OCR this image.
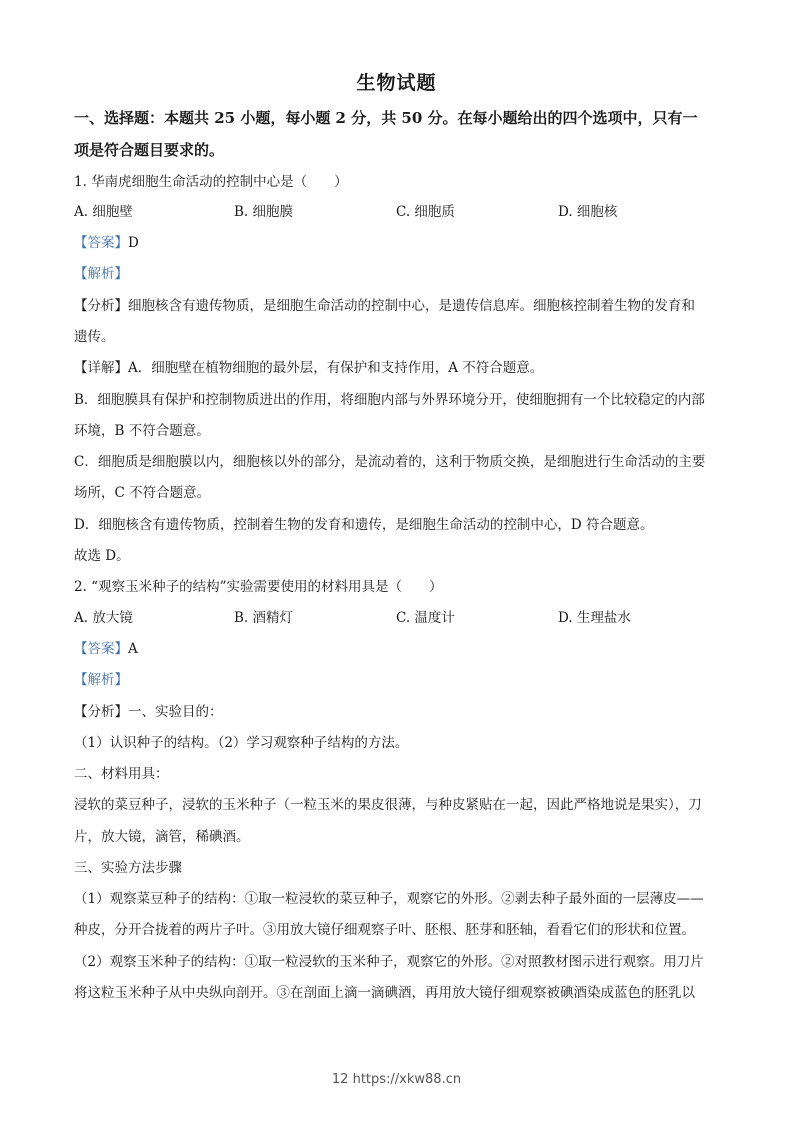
生物试题
一、选择题：本题共 25 小题，每小题 2 分，共 50 分。在每小题给出的四个选项中，只有一
项是符合题目要求的。
1. 华南虎细胞生命活动的控制中心是（　　）
A. 细胞壁	B. 细胞膜	C. 细胞质	D. 细胞核
【答案】D
【解析】
【分析】细胞核含有遗传物质，是细胞生命活动的控制中心，是遗传信息库。细胞核控制着生物的发育和
遗传。
【详解】A．细胞壁在植物细胞的最外层，有保护和支持作用，A 不符合题意。
B．细胞膜具有保护和控制物质进出的作用，将细胞内部与外界环境分开，使细胞拥有一个比较稳定的内部
环境，B 不符合题意。
C．细胞质是细胞膜以内，细胞核以外的部分，是流动着的，这利于物质交换，是细胞进行生命活动的主要
场所，C 不符合题意。
D．细胞核含有遗传物质，控制着生物的发育和遗传，是细胞生命活动的控制中心，D 符合题意。
故选 D。
2. “观察玉米种子的结构”实验需要使用的材料用具是（　　）
A. 放大镜	B. 酒精灯	C. 温度计	D. 生理盐水
【答案】A
【解析】
【分析】一、实验目的：
（1）认识种子的结构。（2）学习观察种子结构的方法。
二、材料用具：
浸软的菜豆种子，浸软的玉米种子（一粒玉米的果皮很薄，与种皮紧贴在一起，因此严格地说是果实），刀
片，放大镜，滴管，稀碘酒。
三、实验方法步骤
（1）观察菜豆种子的结构：①取一粒浸软的菜豆种子，观察它的外形。②剥去种子最外面的一层薄皮——
种皮，分开合拢着的两片子叶。③用放大镜仔细观察子叶、胚根、胚芽和胚轴，看看它们的形状和位置。
（2）观察玉米种子的结构：①取一粒浸软的玉米种子，观察它的外形。②对照教材图示进行观察。用刀片
将这粒玉米种子从中央纵向剖开。③在剖面上滴一滴碘酒，再用放大镜仔细观察被碘酒染成蓝色的胚乳以
12 https://xkw88.cn
